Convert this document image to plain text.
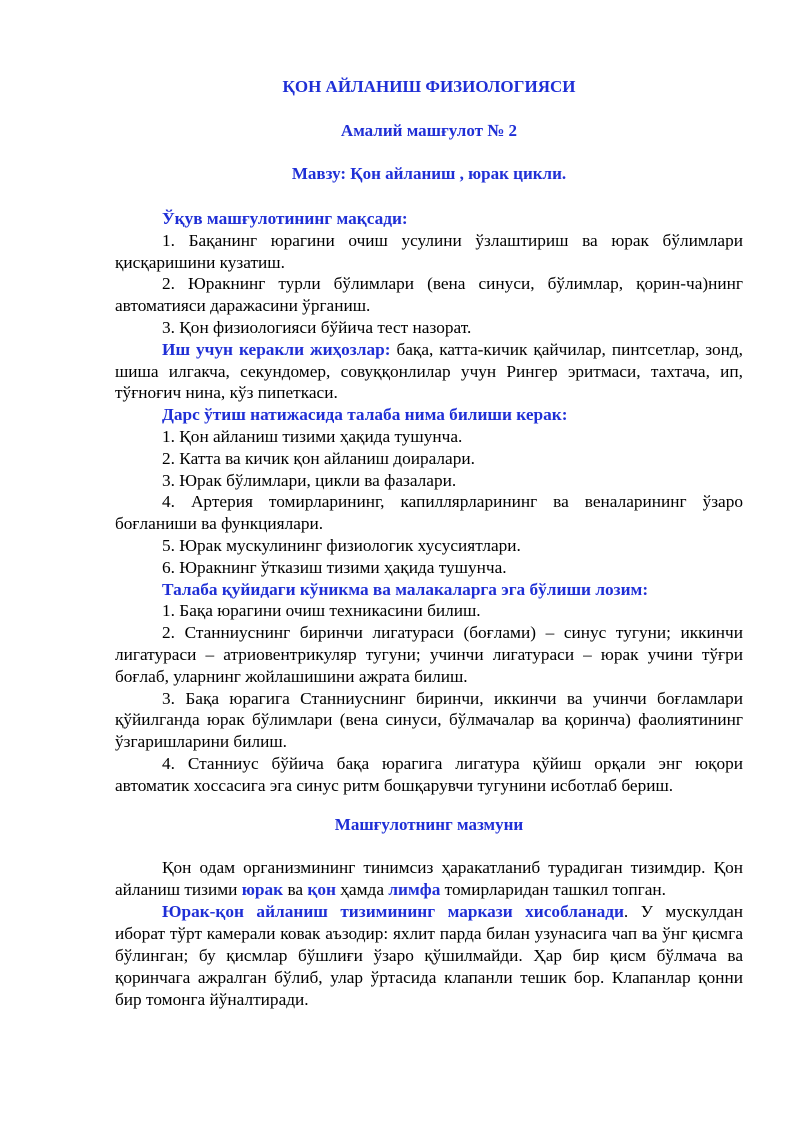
ҚОН АЙЛАНИШ ФИЗИОЛОГИЯСИ
Амалий машғулот № 2
Мавзу: Қон айланиш , юрак цикли.

Ўқув машғулотининг мақсади:

1. Бақанинг юрагини очиш усулини ўзлаштириш ва юрак бўлимлари қисқаришини кузатиш.

2. Юракнинг турли бўлимлари (вена синуси, бўлимлар, қорин-ча)нинг автоматияси даражасини ўрганиш.

3. Қон физиологияси бўйича тест назорат.

Иш учун керакли жиҳозлар: бақа, катта-кичик қайчилар, пинтсетлар, зонд, шиша илгакча, секундомер, совуққонлилар учун Рингер эритмаси, тахтача, ип, тўғноғич нина, кўз пипеткаси.

Дарс ўтиш натижасида талаба нима билиши керак:

1. Қон айланиш тизими ҳақида тушунча.

2. Катта ва кичик қон айланиш доиралари.

3. Юрак бўлимлари, цикли ва фазалари.

4. Артерия томирларининг, капиллярларининг ва веналарининг ўзаро боғланиши ва функциялари.

5. Юрак мускулининг физиологик хусусиятлари.

6. Юракнинг ўтказиш тизими ҳақида тушунча.

Талаба қуйидаги кўникма ва малакаларга эга бўлиши лозим:

1. Бақа юрагини очиш техникасини билиш.

2. Станниуснинг биринчи лигатураси (боғлами) – синус тугуни; иккинчи лигатураси – атриовентрикуляр тугуни; учинчи лигатураси – юрак учини тўғри боғлаб, уларнинг жойлашишини ажрата билиш.

3. Бақа юрагига Станниуснинг биринчи, иккинчи ва учинчи боғламлари қўйилганда юрак бўлимлари (вена синуси, бўлмачалар ва қоринча) фаолиятининг ўзгаришларини билиш.

4. Станниус бўйича бақа юрагига лигатура қўйиш орқали энг юқори автоматик хоссасига эга синус ритм бошқарувчи тугунини исботлаб бериш.

Машғулотнинг мазмуни

Қон одам организмининг тинимсиз ҳаракатланиб турадиган тизимдир. Қон айланиш тизими юрак ва қон ҳамда лимфа томирларидан ташкил топган.

Юрак-қон айланиш тизимининг маркази хисобланади. У мускулдан иборат тўрт камерали ковак аъзодир: яхлит парда билан узунасига чап ва ўнг қисмга бўлинган; бу қисмлар бўшлиғи ўзаро қўшилмайди. Ҳар бир қисм бўлмача ва қоринчага ажралган бўлиб, улар ўртасида клапанли тешик бор. Клапанлар қонни бир томонга йўналтиради.
